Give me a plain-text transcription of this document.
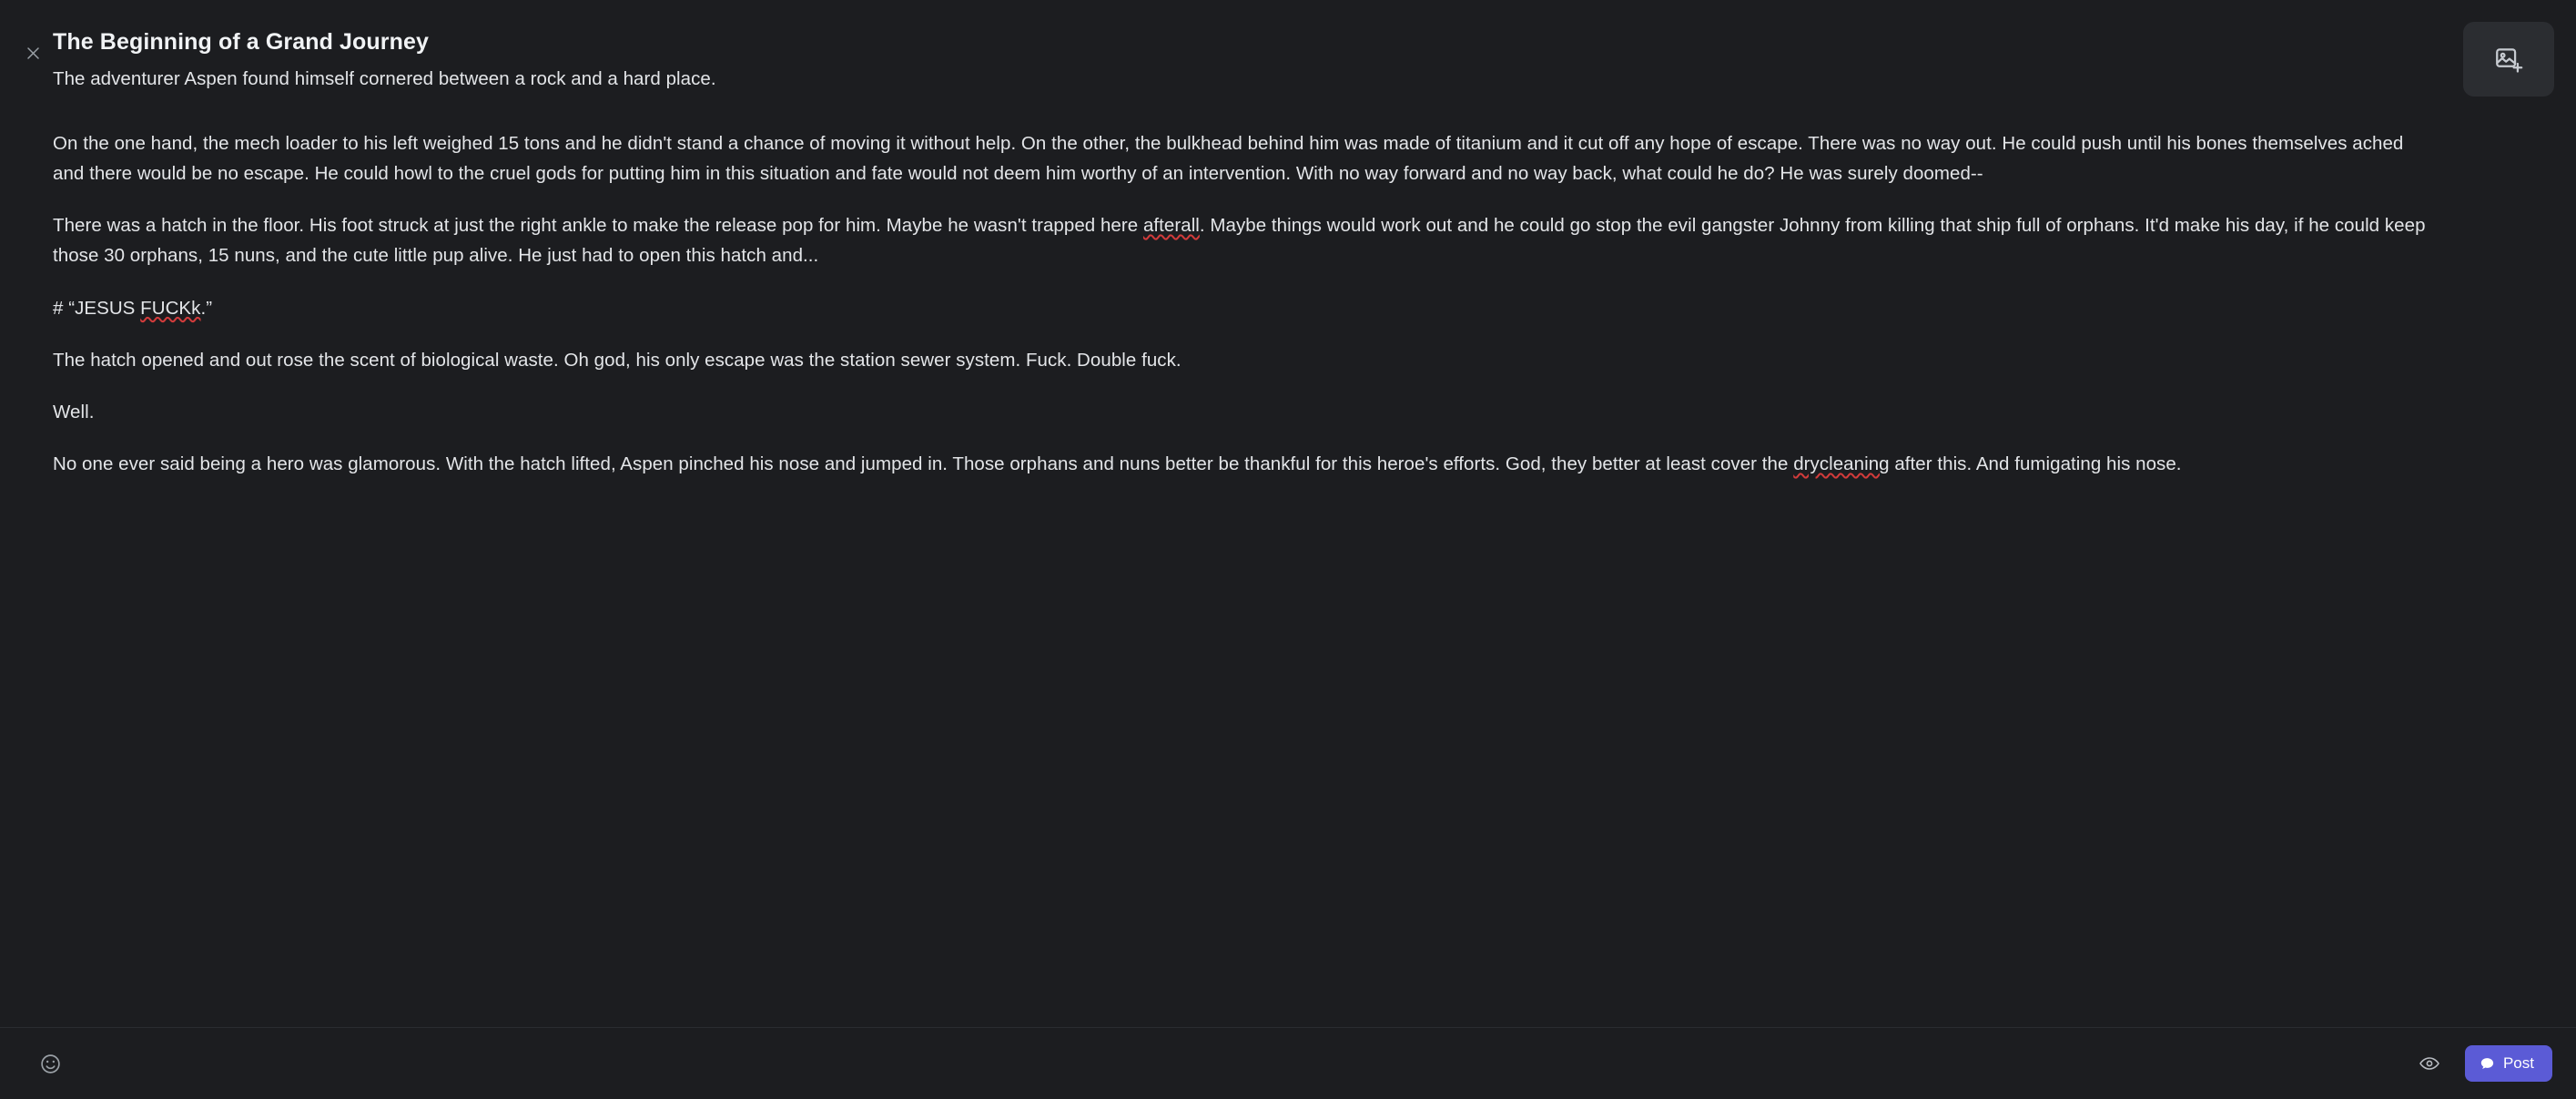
The Beginning of a Grand Journey

The adventurer Aspen found himself cornered between a rock and a hard place.

On the one hand, the mech loader to his left weighed 15 tons and he didn't stand a chance of moving it without help. On the other, the bulkhead behind him was made of titanium and it cut off any hope of escape. There was no way out. He could push until his bones themselves ached and there would be no escape. He could howl to the cruel gods for putting him in this situation and fate would not deem him worthy of an intervention. With no way forward and no way back, what could he do? He was surely doomed--

There was a hatch in the floor. His foot struck at just the right ankle to make the release pop for him. Maybe he wasn't trapped here afterall. Maybe things would work out and he could go stop the evil gangster Johnny from killing that ship full of orphans. It'd make his day, if he could keep those 30 orphans, 15 nuns, and the cute little pup alive. He just had to open this hatch and...

# “JESUS FUCKk.”

The hatch opened and out rose the scent of biological waste. Oh god, his only escape was the station sewer system. Fuck. Double fuck.

Well.

No one ever said being a hero was glamorous. With the hatch lifted, Aspen pinched his nose and jumped in. Those orphans and nuns better be thankful for this heroe's efforts. God, they better at least cover the drycleaning after this. And fumigating his nose.

Post
